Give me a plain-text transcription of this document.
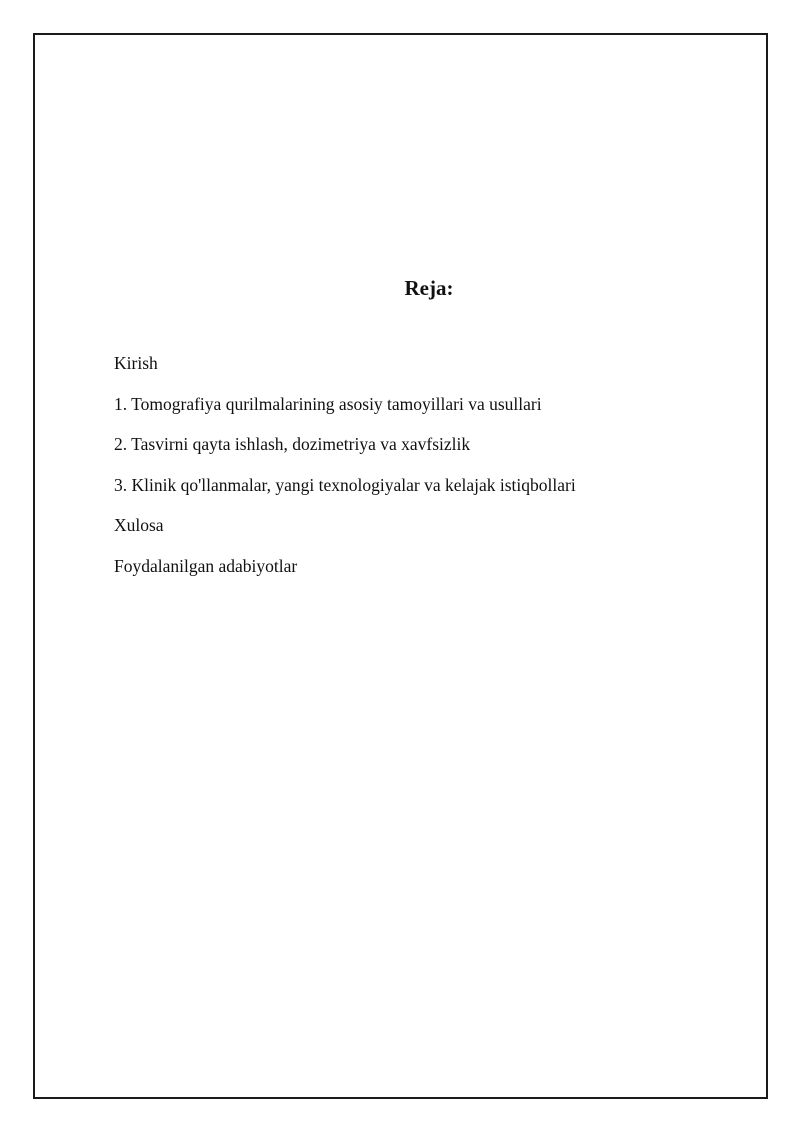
Reja:
Kirish
1. Tomografiya qurilmalarining asosiy tamoyillari va usullari
2. Tasvirni qayta ishlash, dozimetriya va xavfsizlik
3. Klinik qo'llanmalar, yangi texnologiyalar va kelajak istiqbollari
Xulosa
Foydalanilgan adabiyotlar
